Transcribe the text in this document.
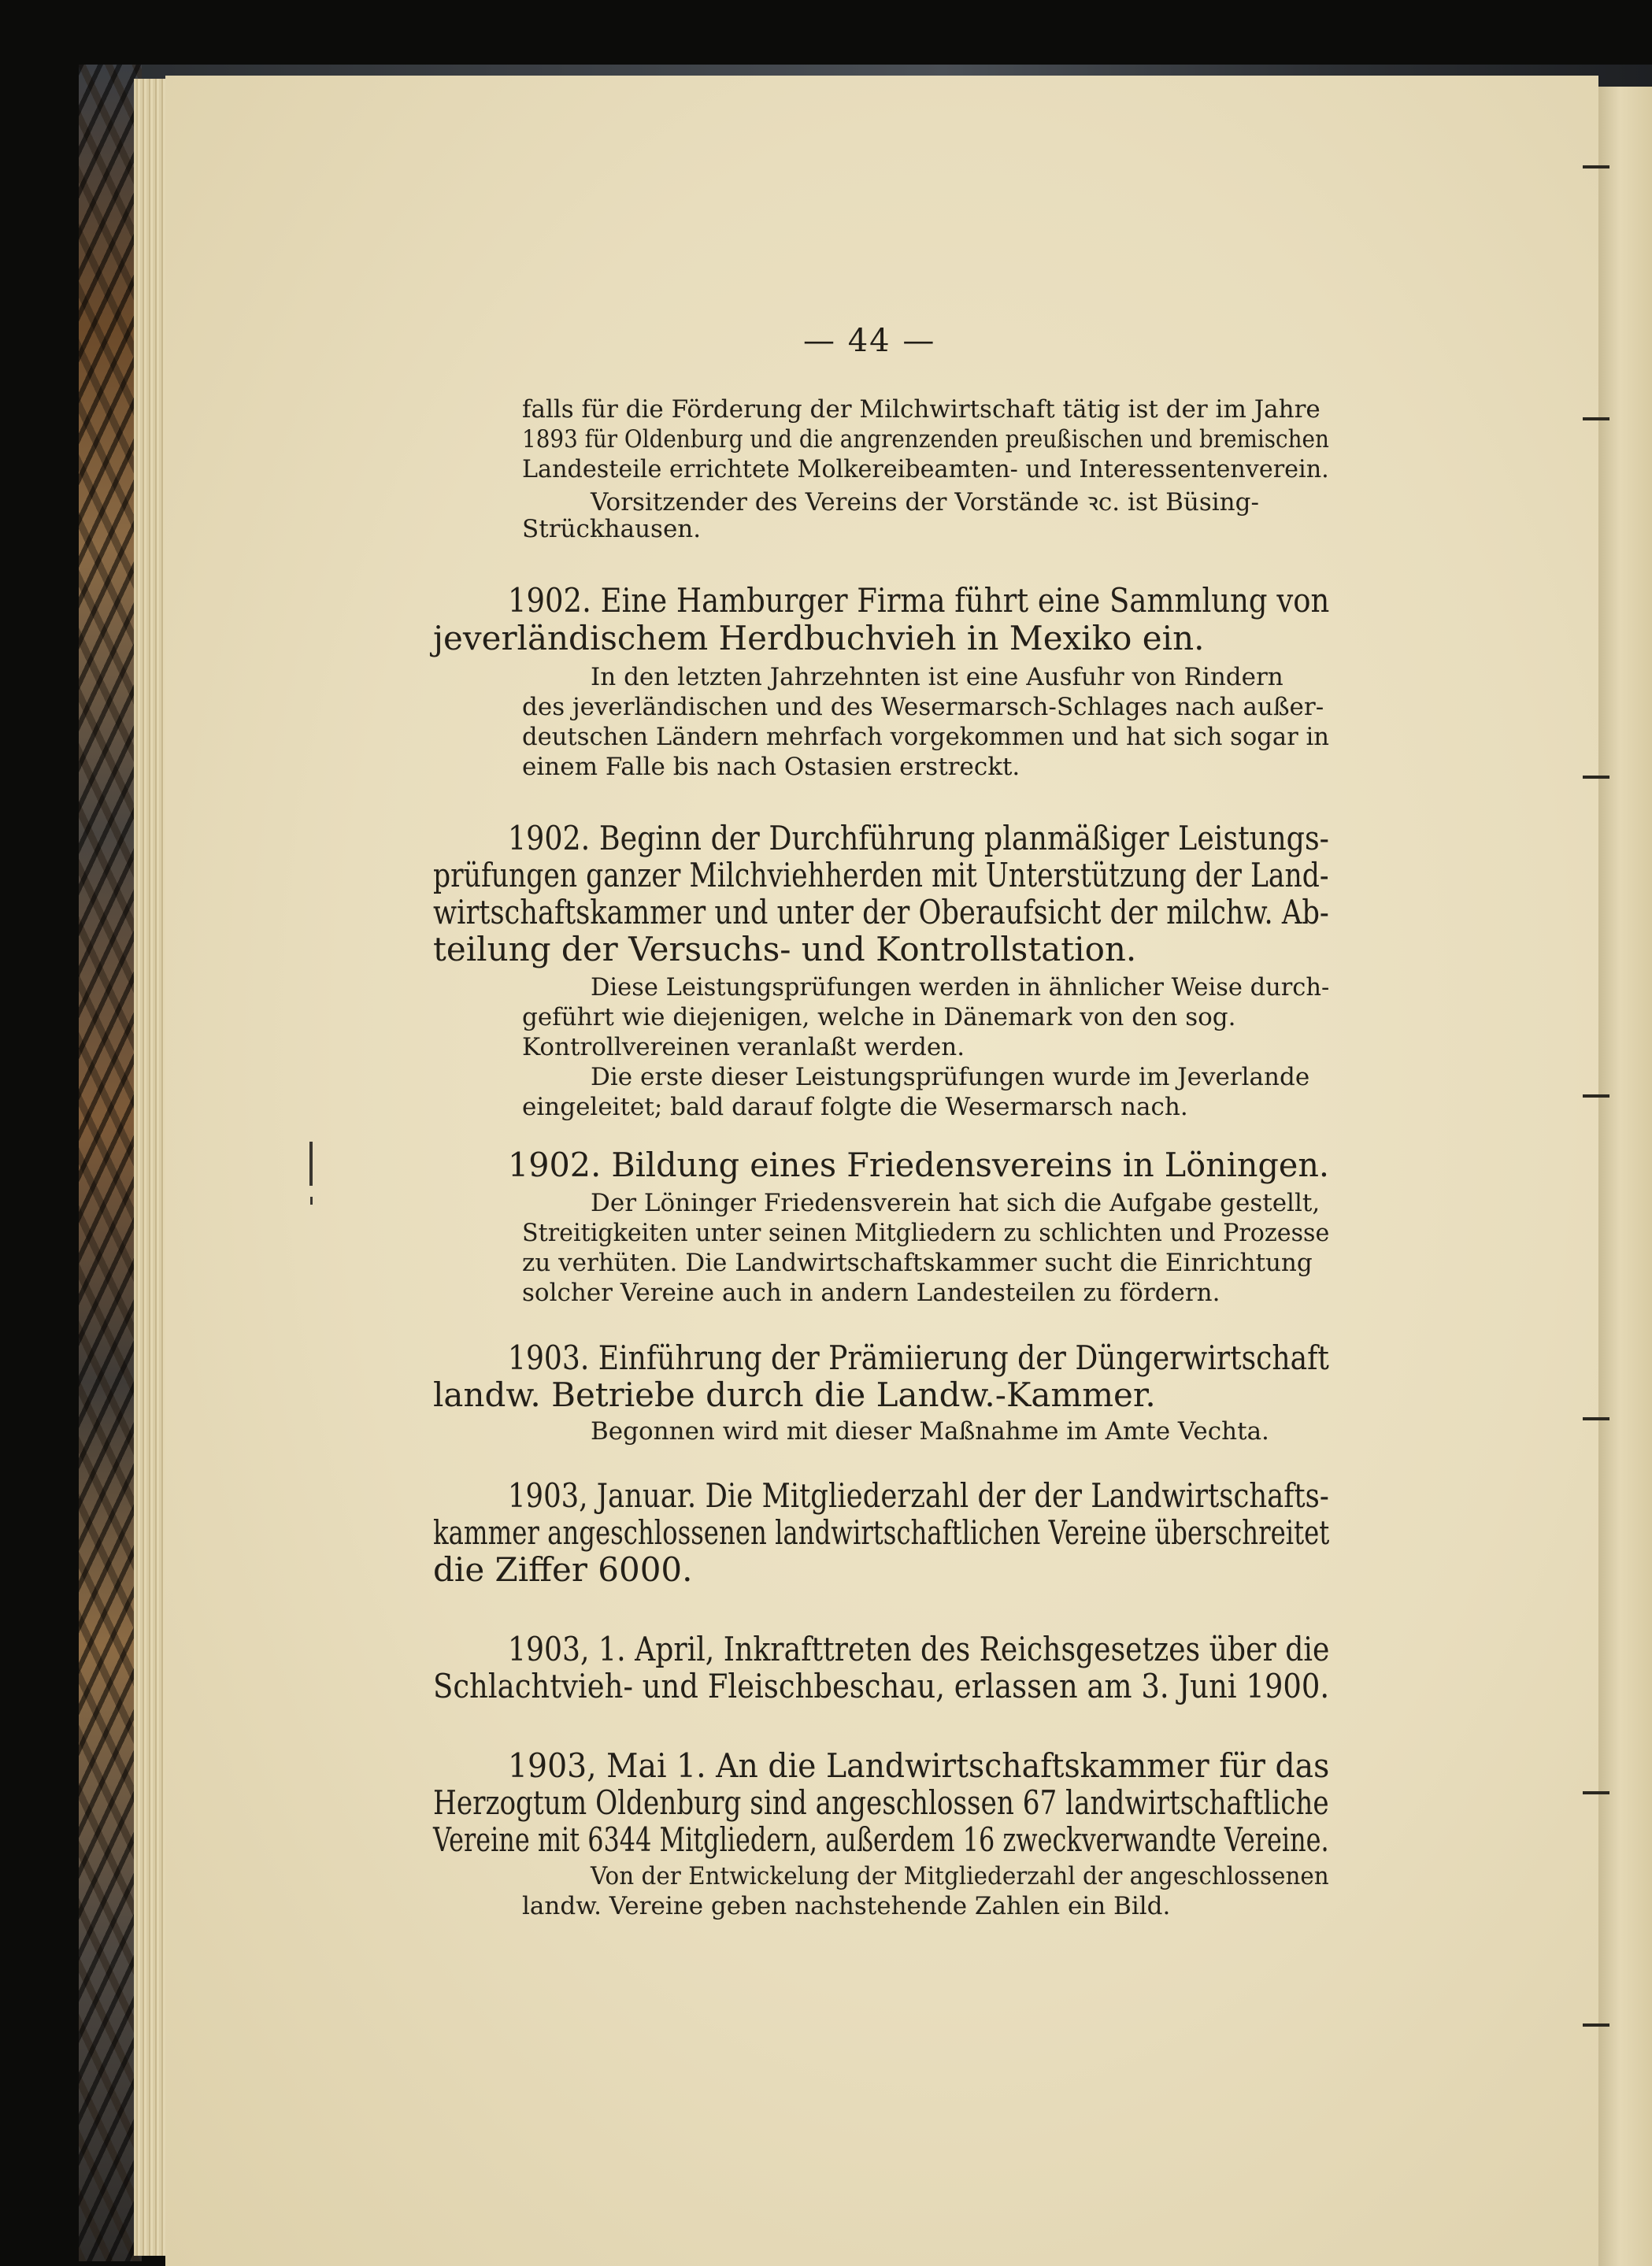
— 44 —
falls für die Förderung der Milchwirtschaft tätig ist der im Jahre
1893 für Oldenburg und die angrenzenden preußischen und bremischen
Landesteile errichtete Molkereibeamten- und Interessentenverein.
Vorsitzender des Vereins der Vorstände ꝛc. ist Büsing-
Strückhausen.
1902. Eine Hamburger Firma führt eine Sammlung von
jeverländischem Herdbuchvieh in Mexiko ein.
In den letzten Jahrzehnten ist eine Ausfuhr von Rindern
des jeverländischen und des Wesermarsch-Schlages nach außer-
deutschen Ländern mehrfach vorgekommen und hat sich sogar in
einem Falle bis nach Ostasien erstreckt.
1902. Beginn der Durchführung planmäßiger Leistungs-
prüfungen ganzer Milchviehherden mit Unterstützung der Land-
wirtschaftskammer und unter der Oberaufsicht der milchw. Ab-
teilung der Versuchs- und Kontrollstation.
Diese Leistungsprüfungen werden in ähnlicher Weise durch-
geführt wie diejenigen, welche in Dänemark von den sog.
Kontrollvereinen veranlaßt werden.
Die erste dieser Leistungsprüfungen wurde im Jeverlande
eingeleitet; bald darauf folgte die Wesermarsch nach.
1902. Bildung eines Friedensvereins in Löningen.
Der Löninger Friedensverein hat sich die Aufgabe gestellt,
Streitigkeiten unter seinen Mitgliedern zu schlichten und Prozesse
zu verhüten. Die Landwirtschaftskammer sucht die Einrichtung
solcher Vereine auch in andern Landesteilen zu fördern.
1903. Einführung der Prämiierung der Düngerwirtschaft
landw. Betriebe durch die Landw.-Kammer.
Begonnen wird mit dieser Maßnahme im Amte Vechta.
1903, Januar. Die Mitgliederzahl der der Landwirtschafts-
kammer angeschlossenen landwirtschaftlichen Vereine überschreitet
die Ziffer 6000.
1903, 1. April, Inkrafttreten des Reichsgesetzes über die
Schlachtvieh- und Fleischbeschau, erlassen am 3. Juni 1900.
1903, Mai 1. An die Landwirtschaftskammer für das
Herzogtum Oldenburg sind angeschlossen 67 landwirtschaftliche
Vereine mit 6344 Mitgliedern, außerdem 16 zweckverwandte Vereine.
Von der Entwickelung der Mitgliederzahl der angeschlossenen
landw. Vereine geben nachstehende Zahlen ein Bild.
